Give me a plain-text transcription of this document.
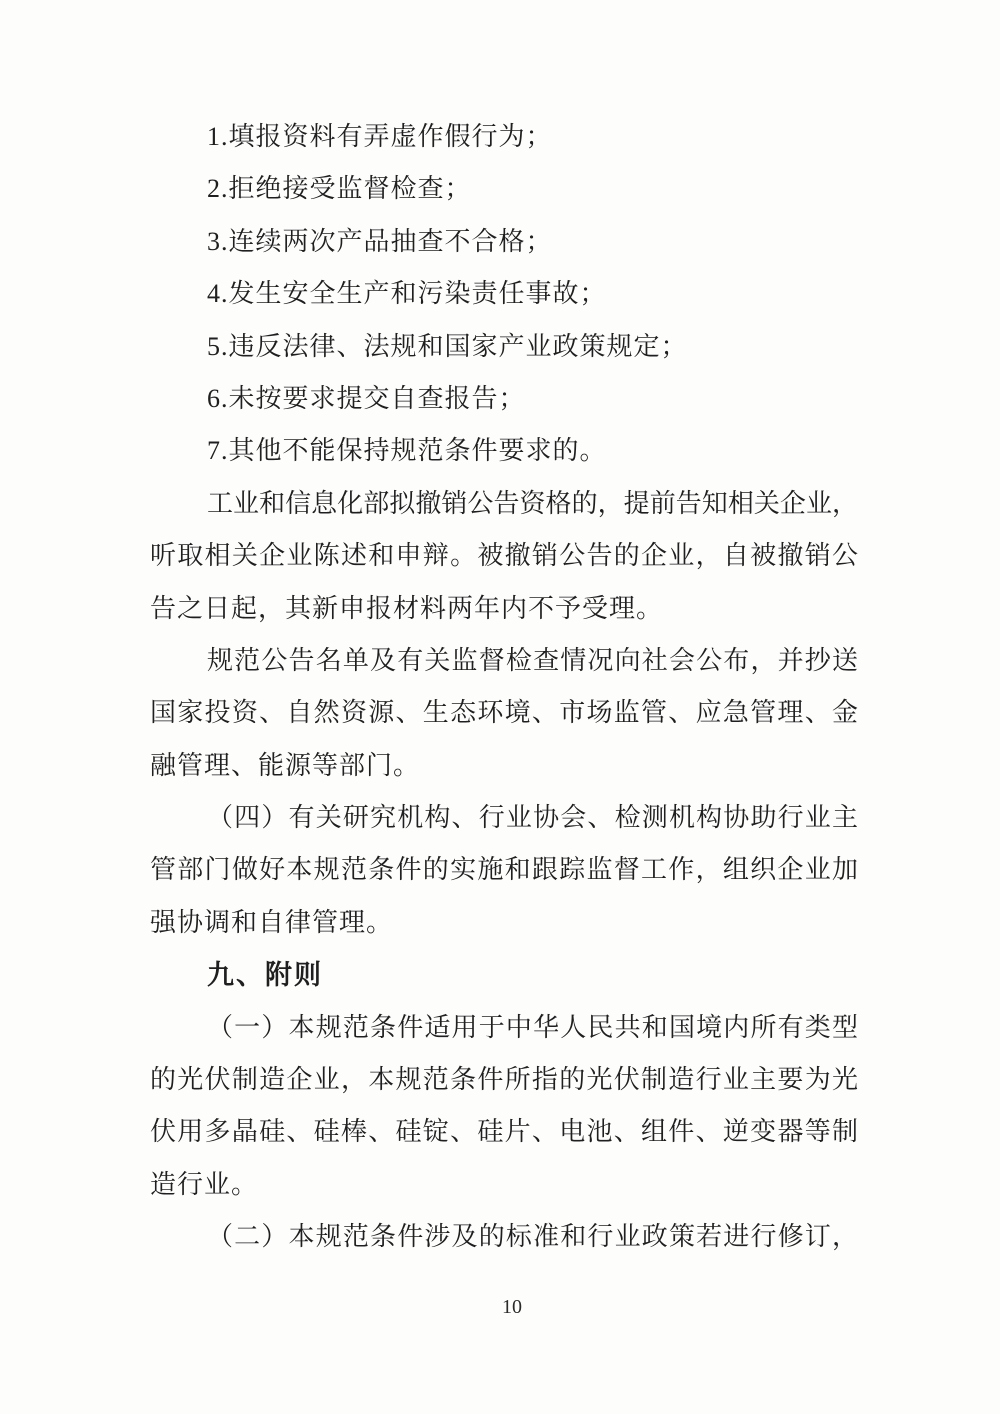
1.填报资料有弄虚作假行为；
2.拒绝接受监督检查；
3.连续两次产品抽查不合格；
4.发生安全生产和污染责任事故；
5.违反法律、法规和国家产业政策规定；
6.未按要求提交自查报告；
7.其他不能保持规范条件要求的。
工业和信息化部拟撤销公告资格的，提前告知相关企业，
听取相关企业陈述和申辩。被撤销公告的企业，自被撤销公
告之日起，其新申报材料两年内不予受理。
规范公告名单及有关监督检查情况向社会公布，并抄送
国家投资、自然资源、生态环境、市场监管、应急管理、金
融管理、能源等部门。
（四）有关研究机构、行业协会、检测机构协助行业主
管部门做好本规范条件的实施和跟踪监督工作，组织企业加
强协调和自律管理。
九、附则
（一）本规范条件适用于中华人民共和国境内所有类型
的光伏制造企业，本规范条件所指的光伏制造行业主要为光
伏用多晶硅、硅棒、硅锭、硅片、电池、组件、逆变器等制
造行业。
（二）本规范条件涉及的标准和行业政策若进行修订，
10
